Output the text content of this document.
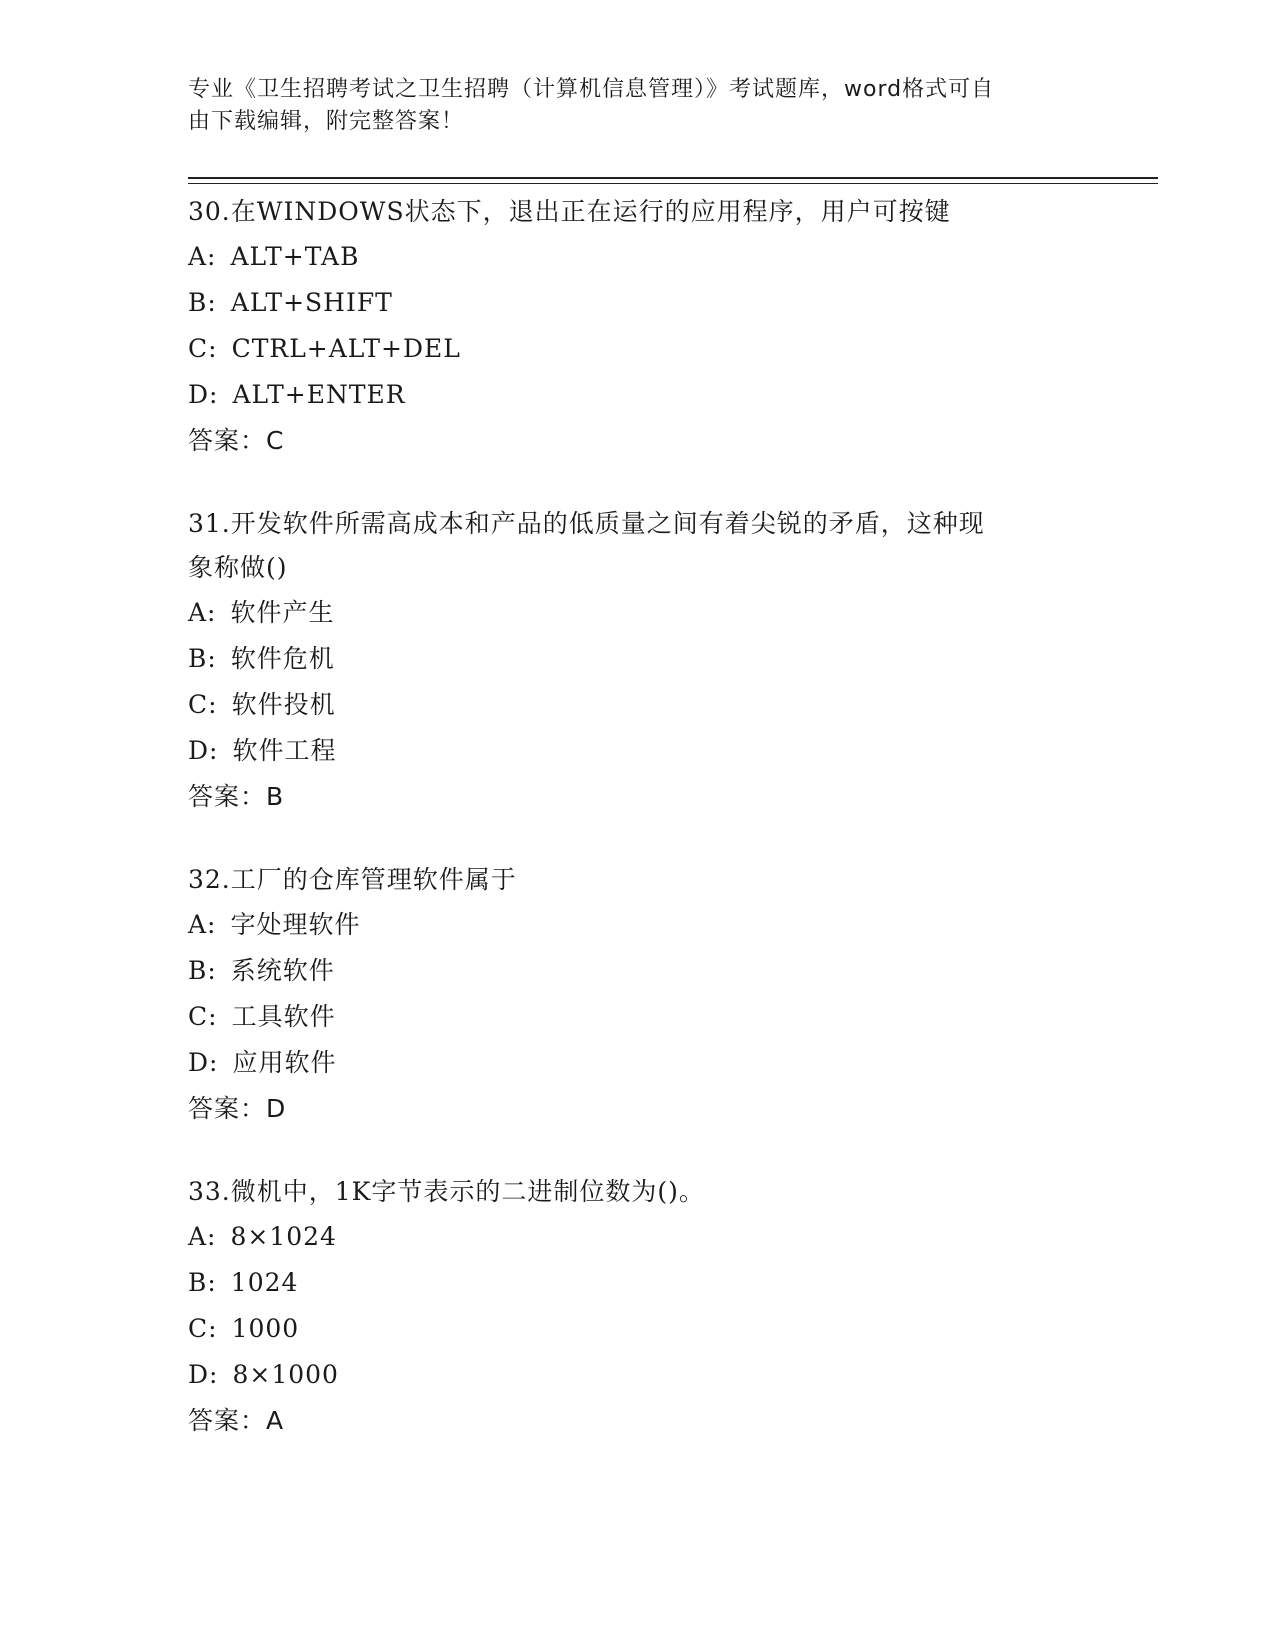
专业《卫生招聘考试之卫生招聘（计算机信息管理）》考试题库，word格式可自
由下载编辑，附完整答案！

30.在WINDOWS状态下，退出正在运行的应用程序，用户可按键

A: ALT+TAB

B: ALT+SHIFT

C: CTRL+ALT+DEL

D: ALT+ENTER

答案：C

31.开发软件所需高成本和产品的低质量之间有着尖锐的矛盾，这种现

象称做()

A: 软件产生

B: 软件危机

C: 软件投机

D: 软件工程

答案：B

32.工厂的仓库管理软件属于

A: 字处理软件

B: 系统软件

C: 工具软件

D: 应用软件

答案：D

33.微机中，1K字节表示的二进制位数为()。

A: 8×1024

B: 1024

C: 1000

D: 8×1000

答案：A
